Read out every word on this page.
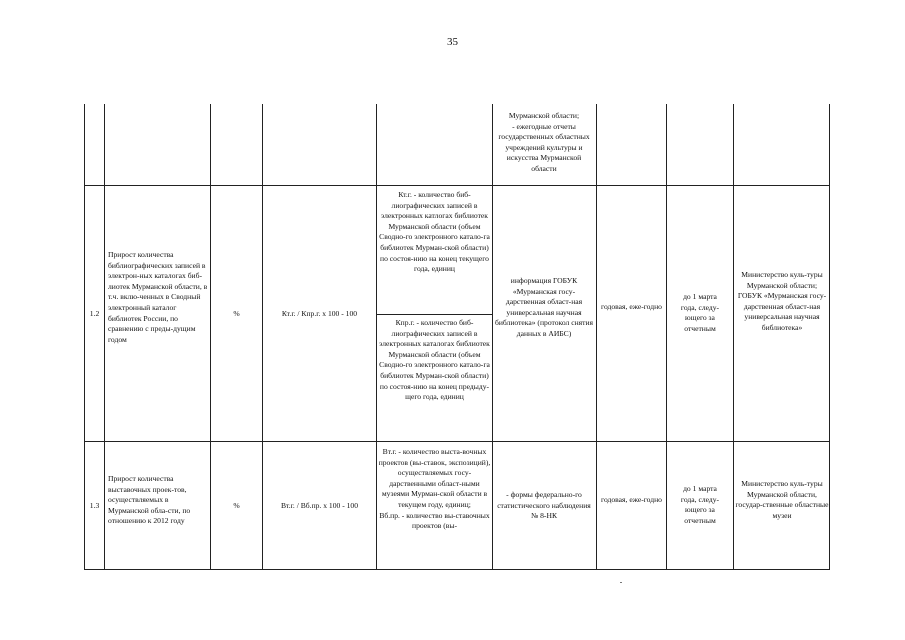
35
Мурманской области;
- ежегодные отчеты государственных областных учреждений культуры и искусства Мурманской области
1.2
Прирост количества библиографических записей в электрон-ных каталогах биб-лиотек Мурманской области, в т.ч. вклю-ченных в Сводный электронный каталог библиотек России, по сравнению с преды-дущим годом
%	Кт.г. / Кпр.г. х 100 - 100
Кт.г. - количество биб-лиографических записей в электронных катлогах библиотек Мурманской области (объем Сводно-го электронного катало-га библиотек Мурман-ской области) по состоя-нию на конец текущего года, единиц
Кпр.г. - количество биб-лиографических записей в электронных каталогах библиотек Мурманской области (объем Сводно-го электронного катало-га библиотек Мурман-ской области) по состоя-нию на конец предыду-щего года, единиц
информация ГОБУК «Мурманская госу-дарственная област-ная универсальная научная библиотека» (протокол снятия данных в АИБС)
годовая, еже-годно
до 1 марта года, следу-ющего за отчетным
Министерство куль-туры Мурманской области; ГОБУК «Мурманская госу-дарственная област-ная универсальная научная библиотека»
1.3
Прирост количества выставочных проек-тов, осуществляемых в Мурманской обла-сти, по отношению к 2012 году
%	Вт.г. / Вб.пр. х 100 - 100
Вт.г. - количество выста-вочных проектов (вы-ставок, экспозиций), осуществляемых госу-дарственными област-ными музеями Мурман-ской области в текущем году, единиц;
Вб.пр. - количество вы-ставочных проектов (вы-
- формы федерально-го статистического наблюдения № 8-НК
годовая, еже-годно
до 1 марта года, следу-ющего за отчетным
Министерство куль-туры Мурманской области, государ-ственные областные музеи
